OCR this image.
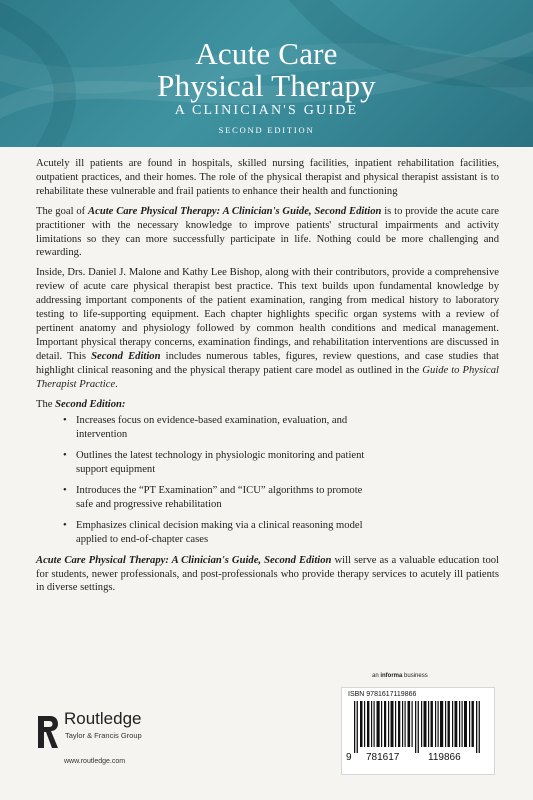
Acute Care
Physical Therapy
A CLINICIAN'S GUIDE
SECOND EDITION

Acutely ill patients are found in hospitals, skilled nursing facilities, inpatient rehabilitation facilities, outpatient practices, and their homes. The role of the physical therapist and physical therapist assistant is to rehabilitate these vulnerable and frail patients to enhance their health and functioning

The goal of Acute Care Physical Therapy: A Clinician's Guide, Second Edition is to provide the acute care practitioner with the necessary knowledge to improve patients' structural impairments and activity limitations so they can more successfully participate in life. Nothing could be more challenging and rewarding.

Inside, Drs. Daniel J. Malone and Kathy Lee Bishop, along with their contributors, provide a comprehensive review of acute care physical therapist best practice. This text builds upon fundamental knowledge by addressing important components of the patient examination, ranging from medical history to laboratory testing to life-supporting equipment. Each chapter highlights specific organ systems with a review of pertinent anatomy and physiology followed by common health conditions and medical management. Important physical therapy concerns, examination findings, and rehabilitation interventions are discussed in detail. This Second Edition includes numerous tables, figures, review questions, and case studies that highlight clinical reasoning and the physical therapy patient care model as outlined in the Guide to Physical Therapist Practice.

The Second Edition:
• Increases focus on evidence-based examination, evaluation, and intervention
• Outlines the latest technology in physiologic monitoring and patient support equipment
• Introduces the “PT Examination” and “ICU” algorithms to promote safe and progressive rehabilitation
• Emphasizes clinical decision making via a clinical reasoning model applied to end-of-chapter cases

Acute Care Physical Therapy: A Clinician's Guide, Second Edition will serve as a valuable education tool for students, newer professionals, and post-professionals who provide therapy services to acutely ill patients in diverse settings.

an informa business
ISBN 9781617119866
9 781617	119866
Routledge
Taylor & Francis Group
www.routledge.com
